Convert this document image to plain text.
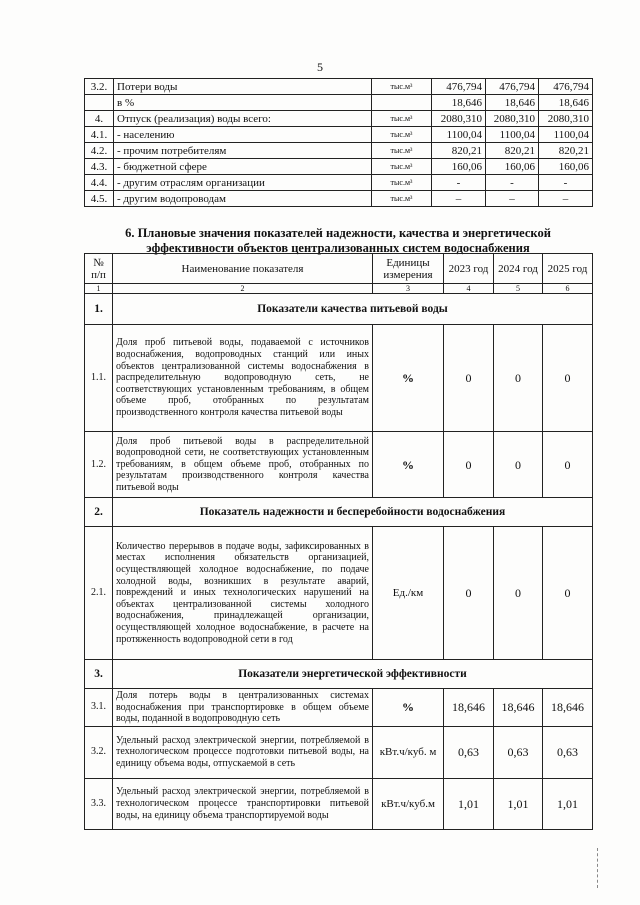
5
3.2.	Потери воды	тыс.м³	476,794	476,794	476,794
	в %		18,646	18,646	18,646
4.	Отпуск (реализация) воды всего:	тыс.м³	2080,310	2080,310	2080,310
4.1.	- населению	тыс.м³	1100,04	1100,04	1100,04
4.2.	- прочим потребителям	тыс.м³	820,21	820,21	820,21
4.3.	- бюджетной сфере	тыс.м³	160,06	160,06	160,06
4.4.	- другим отраслям организации	тыс.м³	-	-	-
4.5.	- другим водопроводам	тыс.м³	–	–	–
6. Плановые значения показателей надежности, качества и энергетической
эффективности объектов централизованных систем водоснабжения
№ п/п	Наименование показателя	Единицы измерения	2023 год	2024 год	2025 год
1	2	3	4	5	6
1.	Показатели качества питьевой воды				
1.1.	Доля проб питьевой воды, подаваемой с источников водоснабжения, водопроводных станций или иных объектов централизованной системы водоснабжения в распределительную водопроводную сеть, не соответствующих установленным требованиям, в общем объеме проб, отобранных по результатам производственного контроля качества питьевой воды	%	0	0	0
1.2.	Доля проб питьевой воды в распределительной водопроводной сети, не соответствующих установленным требованиям, в общем объеме проб, отобранных по результатам производственного контроля качества питьевой воды	%	0	0	0
2.	Показатель надежности и бесперебойности водоснабжения				
2.1.	Количество перерывов в подаче воды, зафиксированных в местах исполнения обязательств организацией, осуществляющей холодное водоснабжение, по подаче холодной воды, возникших в результате аварий, повреждений и иных технологических нарушений на объектах централизованной системы холодного водоснабжения, принадлежащей организации, осуществляющей холодное водоснабжение, в расчете на протяженность водопроводной сети в год	Ед./км	0	0	0
3.	Показатели энергетической эффективности				
3.1.	Доля потерь воды в централизованных системах водоснабжения при транспортировке в общем объеме воды, поданной в водопроводную сеть	%	18,646	18,646	18,646
3.2.	Удельный расход электрической энергии, потребляемой в технологическом процессе подготовки питьевой воды, на единицу объема воды, отпускаемой в сеть	кВт.ч/куб. м	0,63	0,63	0,63
3.3.	Удельный расход электрической энергии, потребляемой в технологическом процессе транспортировки питьевой воды, на единицу объема транспортируемой воды	кВт.ч/куб.м	1,01	1,01	1,01
